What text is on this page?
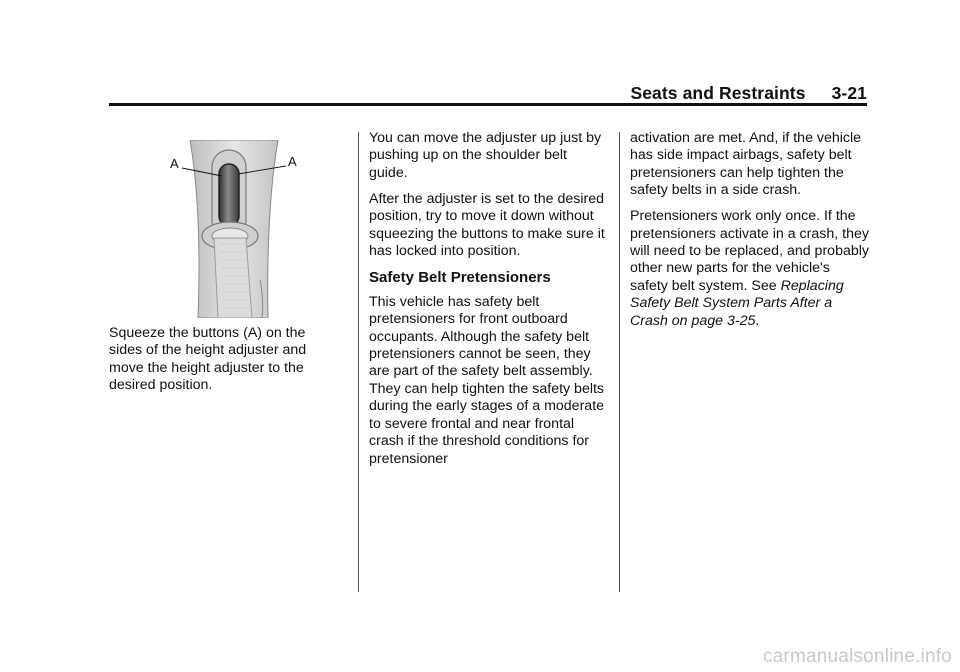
Seats and Restraints 3-21
A	A

Squeeze the buttons (A) on the sides of the height adjuster and move the height adjuster to the desired position.

You can move the adjuster up just by pushing up on the shoulder belt guide.

After the adjuster is set to the desired position, try to move it down without squeezing the buttons to make sure it has locked into position.

Safety Belt Pretensioners

This vehicle has safety belt pretensioners for front outboard occupants. Although the safety belt pretensioners cannot be seen, they are part of the safety belt assembly. They can help tighten the safety belts during the early stages of a moderate to severe frontal and near frontal crash if the threshold conditions for pretensioner

activation are met. And, if the vehicle has side impact airbags, safety belt pretensioners can help tighten the safety belts in a side crash.

Pretensioners work only once. If the pretensioners activate in a crash, they will need to be replaced, and probably other new parts for the vehicle's safety belt system. See Replacing Safety Belt System Parts After a Crash on page 3-25.

carmanualsonline.info
